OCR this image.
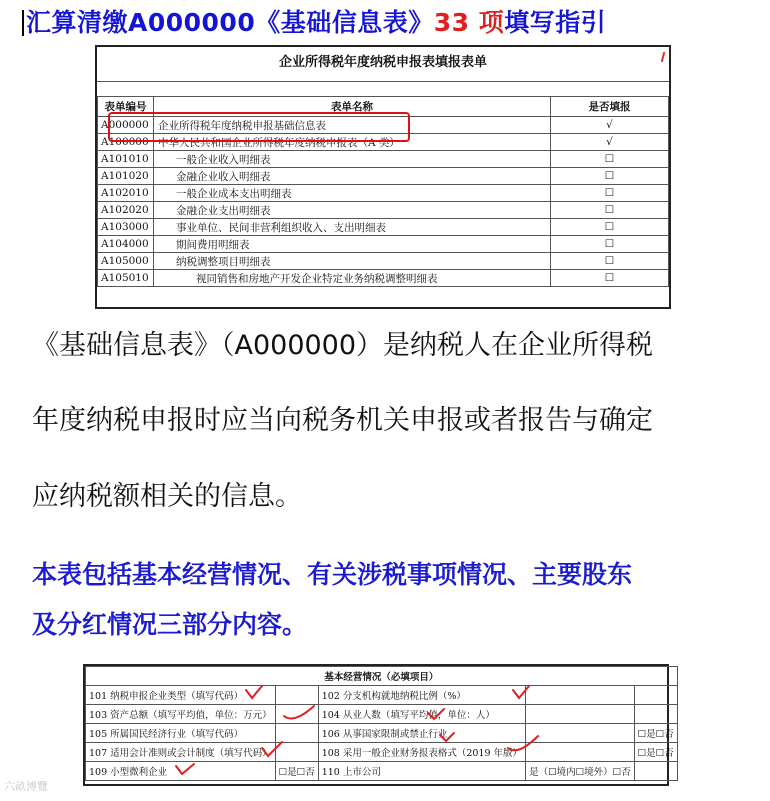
汇算清缴A000000《基础信息表》33 项填写指引
企业所得税年度纳税申报表填报表单
表单编号	表单名称	是否填报
A000000	企业所得税年度纳税申报基础信息表	√
A100000	中华人民共和国企业所得税年度纳税申报表（A 类）	√
A101010	一般企业收入明细表	☐
A101020	金融企业收入明细表	☐
A102010	一般企业成本支出明细表	☐
A102020	金融企业支出明细表	☐
A103000	事业单位、民间非营利组织收入、支出明细表	☐
A104000	期间费用明细表	☐
A105000	纳税调整项目明细表	☐
A105010	视同销售和房地产开发企业特定业务纳税调整明细表	☐
《基础信息表》（A000000）是纳税人在企业所得税
年度纳税申报时应当向税务机关申报或者报告与确定
应纳税额相关的信息。
本表包括基本经营情况、有关涉税事项情况、主要股东
及分红情况三部分内容。
基本经营情况（必填项目）				
101 纳税申报企业类型（填写代码）		102 分支机构就地纳税比例（%）		
103 资产总额（填写平均值，单位：万元）		104 从业人数（填写平均值，单位：人）		
105 所属国民经济行业（填写代码）		106 从事国家限制或禁止行业		☐是☐否
107 适用会计准则或会计制度（填写代码）		108 采用一般企业财务报表格式（2019 年版）		☐是☐否
109 小型微利企业	☐是☐否	110 上市公司	是（☐境内☐境外）☐否	
六畝博覽
